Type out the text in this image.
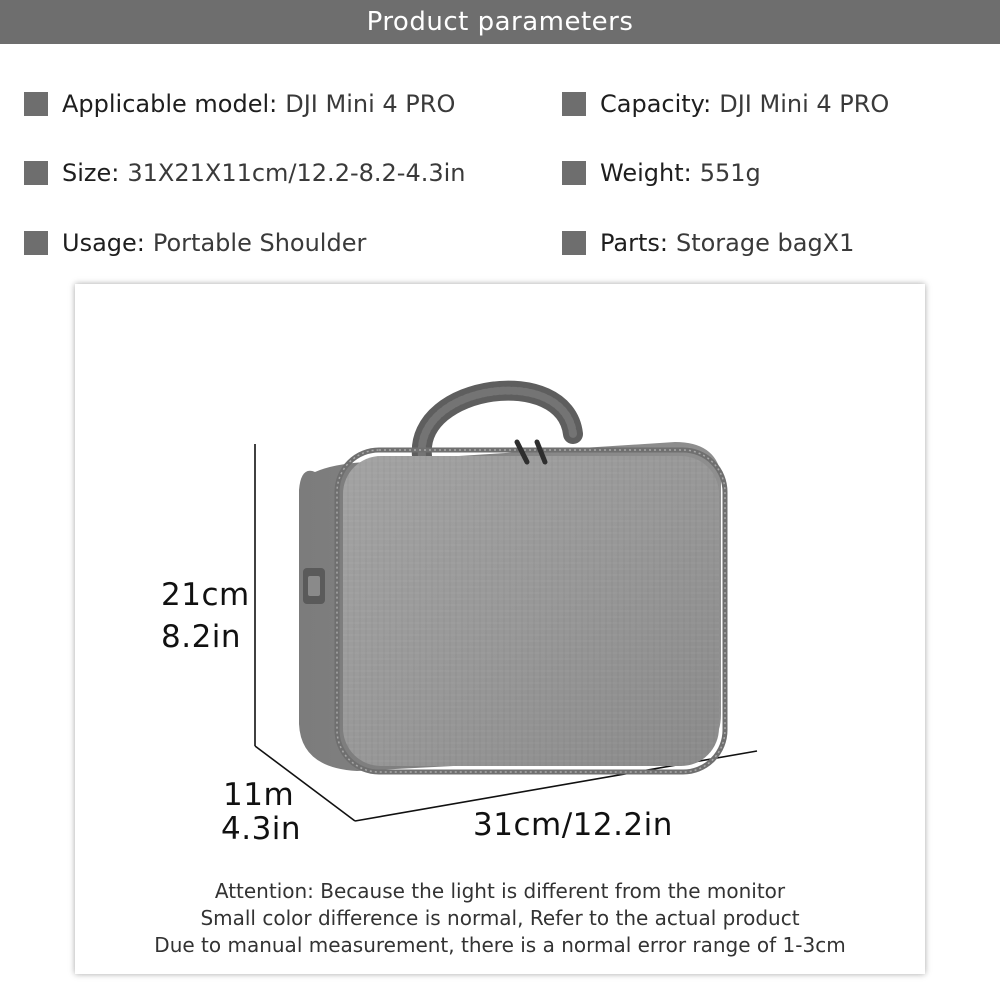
Product parameters
Applicable model: DJI Mini 4 PRO	Capacity: DJI Mini 4 PRO
Size: 31X21X11cm/12.2-8.2-4.3in	Weight: 551g
Usage: Portable Shoulder	Parts: Storage bagX1
21cm
8.2in
11m
4.3in	31cm/12.2in
Attention: Because the light is different from the monitor
Small color difference is normal, Refer to the actual product
Due to manual measurement, there is a normal error range of 1-3cm
